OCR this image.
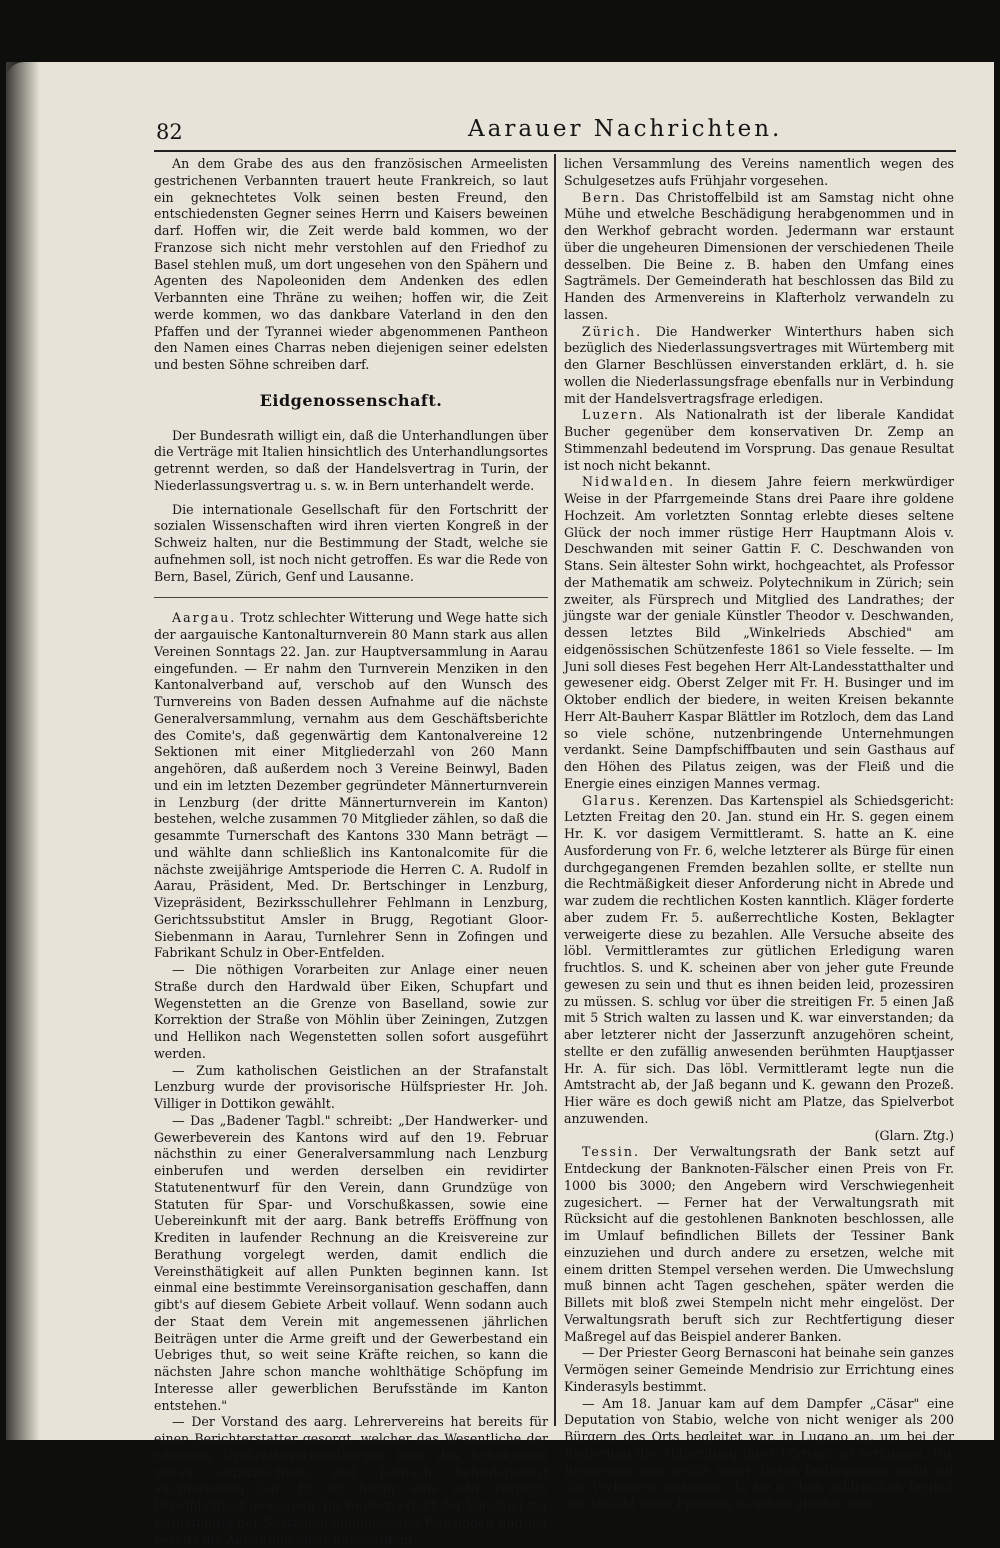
82	Aarauer Nachrichten.

An dem Grabe des aus den französischen Armeelisten gestrichenen Verbannten trauert heute Frankreich, so laut ein geknechtetes Volk seinen besten Freund, den entschiedensten Gegner seines Herrn und Kaisers beweinen darf. Hoffen wir, die Zeit werde bald kommen, wo der Franzose sich nicht mehr verstohlen auf den Friedhof zu Basel stehlen muß, um dort ungesehen von den Spähern und Agenten des Napoleoniden dem Andenken des edlen Verbannten eine Thräne zu weihen; hoffen wir, die Zeit werde kommen, wo das dankbare Vaterland in den den Pfaffen und der Tyrannei wieder abgenommenen Pantheon den Namen eines Charras neben diejenigen seiner edelsten und besten Söhne schreiben darf.

Eidgenossenschaft.

Der Bundesrath willigt ein, daß die Unterhandlungen über die Verträge mit Italien hinsichtlich des Unterhandlungsortes getrennt werden, so daß der Handelsvertrag in Turin, der Niederlassungsvertrag u. s. w. in Bern unterhandelt werde.

Die internationale Gesellschaft für den Fortschritt der sozialen Wissenschaften wird ihren vierten Kongreß in der Schweiz halten, nur die Bestimmung der Stadt, welche sie aufnehmen soll, ist noch nicht getroffen. Es war die Rede von Bern, Basel, Zürich, Genf und Lausanne.

Aargau. Trotz schlechter Witterung und Wege hatte sich der aargauische Kantonalturnverein 80 Mann stark aus allen Vereinen Sonntags 22. Jan. zur Hauptversammlung in Aarau eingefunden. — Er nahm den Turnverein Menziken in den Kantonalverband auf, verschob auf den Wunsch des Turnvereins von Baden dessen Aufnahme auf die nächste Generalversammlung, vernahm aus dem Geschäftsberichte des Comite's, daß gegenwärtig dem Kantonalvereine 12 Sektionen mit einer Mitgliederzahl von 260 Mann angehören, daß außerdem noch 3 Vereine Beinwyl, Baden und ein im letzten Dezember gegründeter Männerturnverein in Lenzburg (der dritte Männerturnverein im Kanton) bestehen, welche zusammen 70 Mitglieder zählen, so daß die gesammte Turnerschaft des Kantons 330 Mann beträgt — und wählte dann schließlich ins Kantonalcomite für die nächste zweijährige Amtsperiode die Herren C. A. Rudolf in Aarau, Präsident, Med. Dr. Bertschinger in Lenzburg, Vizepräsident, Bezirksschullehrer Fehlmann in Lenzburg, Gerichtssubstitut Amsler in Brugg, Regotiant Gloor-Siebenmann in Aarau, Turnlehrer Senn in Zofingen und Fabrikant Schulz in Ober-Entfelden.

— Die nöthigen Vorarbeiten zur Anlage einer neuen Straße durch den Hardwald über Eiken, Schupfart und Wegenstetten an die Grenze von Baselland, sowie zur Korrektion der Straße von Möhlin über Zeiningen, Zutzgen und Hellikon nach Wegenstetten sollen sofort ausgeführt werden.

— Zum katholischen Geistlichen an der Strafanstalt Lenzburg wurde der provisorische Hülfspriester Hr. Joh. Villiger in Dottikon gewählt.

— Das „Badener Tagbl." schreibt: „Der Handwerker- und Gewerbeverein des Kantons wird auf den 19. Februar nächsthin zu einer Generalversammlung nach Lenzburg einberufen und werden derselben ein revidirter Statutenentwurf für den Verein, dann Grundzüge von Statuten für Spar- und Vorschußkassen, sowie eine Uebereinkunft mit der aarg. Bank betreffs Eröffnung von Krediten in laufender Rechnung an die Kreisvereine zur Berathung vorgelegt werden, damit endlich die Vereinsthätigkeit auf allen Punkten beginnen kann. Ist einmal eine bestimmte Vereinsorganisation geschaffen, dann gibt's auf diesem Gebiete Arbeit vollauf. Wenn sodann auch der Staat dem Verein mit angemessenen jährlichen Beiträgen unter die Arme greift und der Gewerbestand ein Uebriges thut, so weit seine Kräfte reichen, so kann die nächsten Jahre schon manche wohlthätige Schöpfung im Interesse aller gewerblichen Berufsstände im Kanton entstehen."

— Der Vorstand des aarg. Lehrervereins hat bereits für einen Berichterstatter gesorgt, welcher das Wesentliche der nächsten Großrathsverhandlungen über das Schulgesetz genau aufzuzeichnen und hernach befördersamst auszuarbeiten hat. Es ist hiefür eine sehr tüchtige Persönlichkeit gewonnen. Im Weitern erläßt der Vorstand zur Bethätigung der Sektionen angemessene Weisungen und hat bereits die Abhaltung einer außerordent-

lichen Versammlung des Vereins namentlich wegen des Schulgesetzes aufs Frühjahr vorgesehen.

Bern. Das Christoffelbild ist am Samstag nicht ohne Mühe und etwelche Beschädigung herabgenommen und in den Werkhof gebracht worden. Jedermann war erstaunt über die ungeheuren Dimensionen der verschiedenen Theile desselben. Die Beine z. B. haben den Umfang eines Sagträmels. Der Gemeinderath hat beschlossen das Bild zu Handen des Armenvereins in Klafterholz verwandeln zu lassen.

Zürich. Die Handwerker Winterthurs haben sich bezüglich des Niederlassungsvertrages mit Würtemberg mit den Glarner Beschlüssen einverstanden erklärt, d. h. sie wollen die Niederlassungsfrage ebenfalls nur in Verbindung mit der Handelsvertragsfrage erledigen.

Luzern. Als Nationalrath ist der liberale Kandidat Bucher gegenüber dem konservativen Dr. Zemp an Stimmenzahl bedeutend im Vorsprung. Das genaue Resultat ist noch nicht bekannt.

Nidwalden. In diesem Jahre feiern merkwürdiger Weise in der Pfarrgemeinde Stans drei Paare ihre goldene Hochzeit. Am vorletzten Sonntag erlebte dieses seltene Glück der noch immer rüstige Herr Hauptmann Alois v. Deschwanden mit seiner Gattin F. C. Deschwanden von Stans. Sein ältester Sohn wirkt, hochgeachtet, als Professor der Mathematik am schweiz. Polytechnikum in Zürich; sein zweiter, als Fürsprech und Mitglied des Landrathes; der jüngste war der geniale Künstler Theodor v. Deschwanden, dessen letztes Bild „Winkelrieds Abschied" am eidgenössischen Schützenfeste 1861 so Viele fesselte. — Im Juni soll dieses Fest begehen Herr Alt-Landesstatthalter und gewesener eidg. Oberst Zelger mit Fr. H. Businger und im Oktober endlich der biedere, in weiten Kreisen bekannte Herr Alt-Bauherr Kaspar Blättler im Rotzloch, dem das Land so viele schöne, nutzenbringende Unternehmungen verdankt. Seine Dampfschiffbauten und sein Gasthaus auf den Höhen des Pilatus zeigen, was der Fleiß und die Energie eines einzigen Mannes vermag.

Glarus. Kerenzen. Das Kartenspiel als Schiedsgericht: Letzten Freitag den 20. Jan. stund ein Hr. S. gegen einem Hr. K. vor dasigem Vermittleramt. S. hatte an K. eine Ausforderung von Fr. 6, welche letzterer als Bürge für einen durchgegangenen Fremden bezahlen sollte, er stellte nun die Rechtmäßigkeit dieser Anforderung nicht in Abrede und war zudem die rechtlichen Kosten kanntlich. Kläger forderte aber zudem Fr. 5. außerrechtliche Kosten, Beklagter verweigerte diese zu bezahlen. Alle Versuche abseite des löbl. Vermittleramtes zur gütlichen Erledigung waren fruchtlos. S. und K. scheinen aber von jeher gute Freunde gewesen zu sein und thut es ihnen beiden leid, prozessiren zu müssen. S. schlug vor über die streitigen Fr. 5 einen Jaß mit 5 Strich walten zu lassen und K. war einverstanden; da aber letzterer nicht der Jasserzunft anzugehören scheint, stellte er den zufällig anwesenden berühmten Hauptjasser Hr. A. für sich. Das löbl. Vermittleramt legte nun die Amtstracht ab, der Jaß begann und K. gewann den Prozeß. Hier wäre es doch gewiß nicht am Platze, das Spielverbot anzuwenden.

(Glarn. Ztg.)

Tessin. Der Verwaltungsrath der Bank setzt auf Entdeckung der Banknoten-Fälscher einen Preis von Fr. 1000 bis 3000; den Angebern wird Verschwiegenheit zugesichert. — Ferner hat der Verwaltungsrath mit Rücksicht auf die gestohlenen Banknoten beschlossen, alle im Umlauf befindlichen Billets der Tessiner Bank einzuziehen und durch andere zu ersetzen, welche mit einem dritten Stempel versehen werden. Die Umwechslung muß binnen acht Tagen geschehen, später werden die Billets mit bloß zwei Stempeln nicht mehr eingelöst. Der Verwaltungsrath beruft sich zur Rechtfertigung dieser Maßregel auf das Beispiel anderer Banken.

— Der Priester Georg Bernasconi hat beinahe sein ganzes Vermögen seiner Gemeinde Mendrisio zur Errichtung eines Kinderasyls bestimmt.

— Am 18. Januar kam auf dem Dampfer „Cäsar" eine Deputation von Stabio, welche von nicht weniger als 200 Bürgern des Orts begleitet war, in Lugano an, um bei der Regierung die Abberufung ihres Pfarrers zu verlangen. Die Regierung aber wollte unter diesen Bedingungen nicht auf das Verlangen eintreten, da sie in dem zahlreichen Begleit die Absicht einer Pression zu sehen glaubte und
